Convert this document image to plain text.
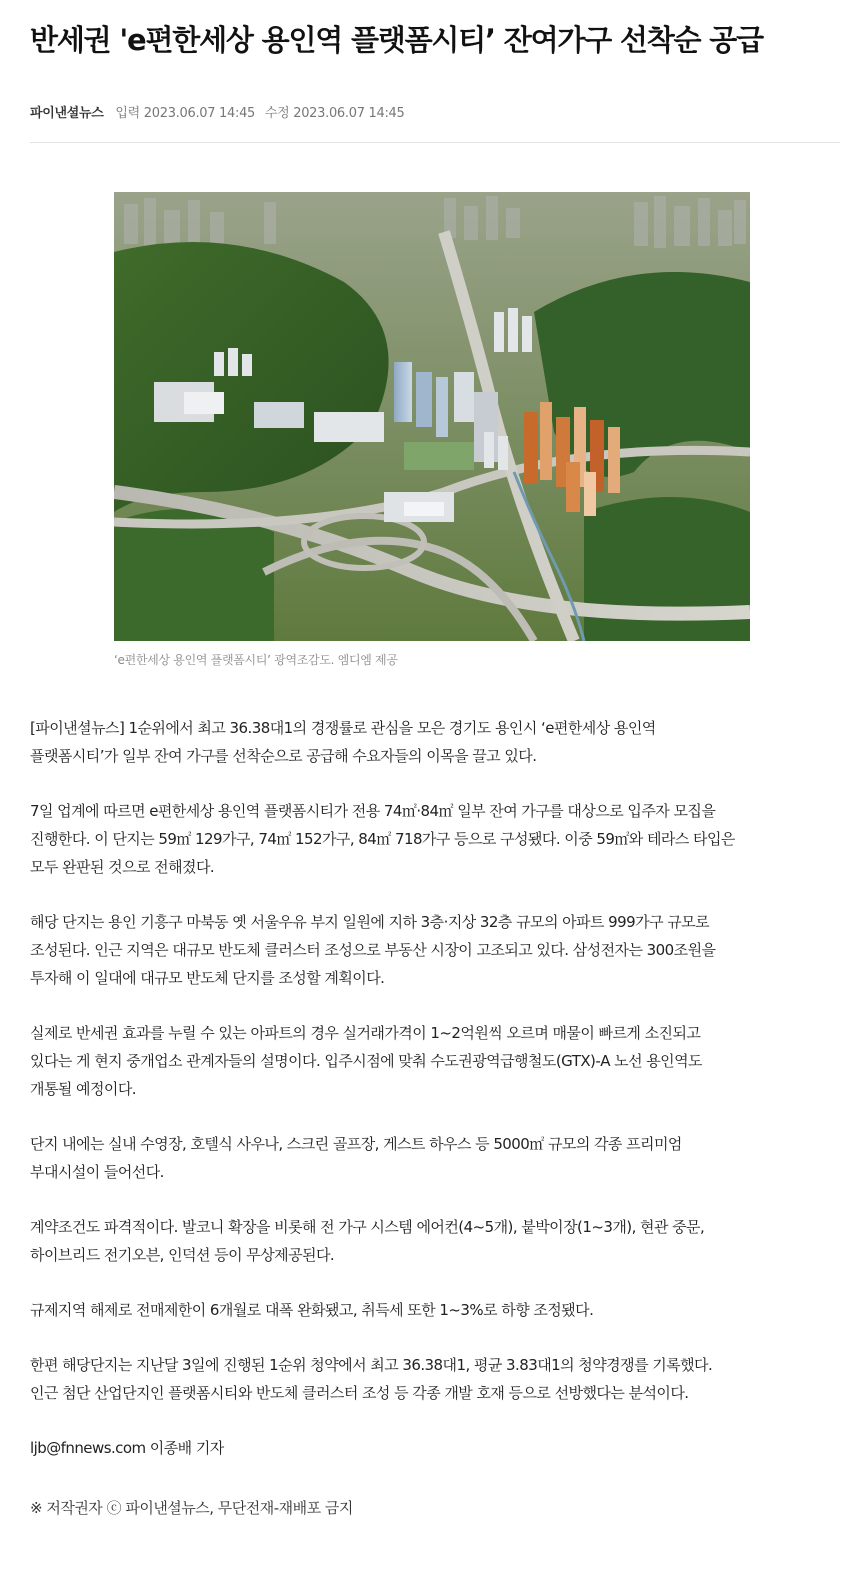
반세권 'e편한세상 용인역 플랫폼시티’ 잔여가구 선착순 공급
파이낸셜뉴스 입력 2023.06.07 14:45 수정 2023.06.07 14:45
‘e편한세상 용인역 플랫폼시티’ 광역조감도. 엠디엠 제공

[파이낸셜뉴스] 1순위에서 최고 36.38대1의 경쟁률로 관심을 모은 경기도 용인시 ‘e편한세상 용인역
플랫폼시티’가 일부 잔여 가구를 선착순으로 공급해 수요자들의 이목을 끌고 있다.

7일 업계에 따르면 e편한세상 용인역 플랫폼시티가 전용 74㎡·84㎡ 일부 잔여 가구를 대상으로 입주자 모집을
진행한다. 이 단지는 59㎡ 129가구, 74㎡ 152가구, 84㎡ 718가구 등으로 구성됐다. 이중 59㎡와 테라스 타입은
모두 완판된 것으로 전해졌다.

해당 단지는 용인 기흥구 마북동 옛 서울우유 부지 일원에 지하 3층·지상 32층 규모의 아파트 999가구 규모로
조성된다. 인근 지역은 대규모 반도체 클러스터 조성으로 부동산 시장이 고조되고 있다. 삼성전자는 300조원을
투자해 이 일대에 대규모 반도체 단지를 조성할 계획이다.

실제로 반세권 효과를 누릴 수 있는 아파트의 경우 실거래가격이 1~2억원씩 오르며 매물이 빠르게 소진되고
있다는 게 현지 중개업소 관계자들의 설명이다. 입주시점에 맞춰 수도권광역급행철도(GTX)-A 노선 용인역도
개통될 예정이다.

단지 내에는 실내 수영장, 호텔식 사우나, 스크린 골프장, 게스트 하우스 등 5000㎡ 규모의 각종 프리미엄
부대시설이 들어선다.

계약조건도 파격적이다. 발코니 확장을 비롯해 전 가구 시스템 에어컨(4~5개), 붙박이장(1~3개), 현관 중문,
하이브리드 전기오븐, 인덕션 등이 무상제공된다.

규제지역 해제로 전매제한이 6개월로 대폭 완화됐고, 취득세 또한 1~3%로 하향 조정됐다.

한편 해당단지는 지난달 3일에 진행된 1순위 청약에서 최고 36.38대1, 평균 3.83대1의 청약경쟁를 기록했다.
인근 첨단 산업단지인 플랫폼시티와 반도체 클러스터 조성 등 각종 개발 호재 등으로 선방했다는 분석이다.

ljb@fnnews.com 이종배 기자

※ 저작권자 ⓒ 파이낸셜뉴스, 무단전재-재배포 금지
